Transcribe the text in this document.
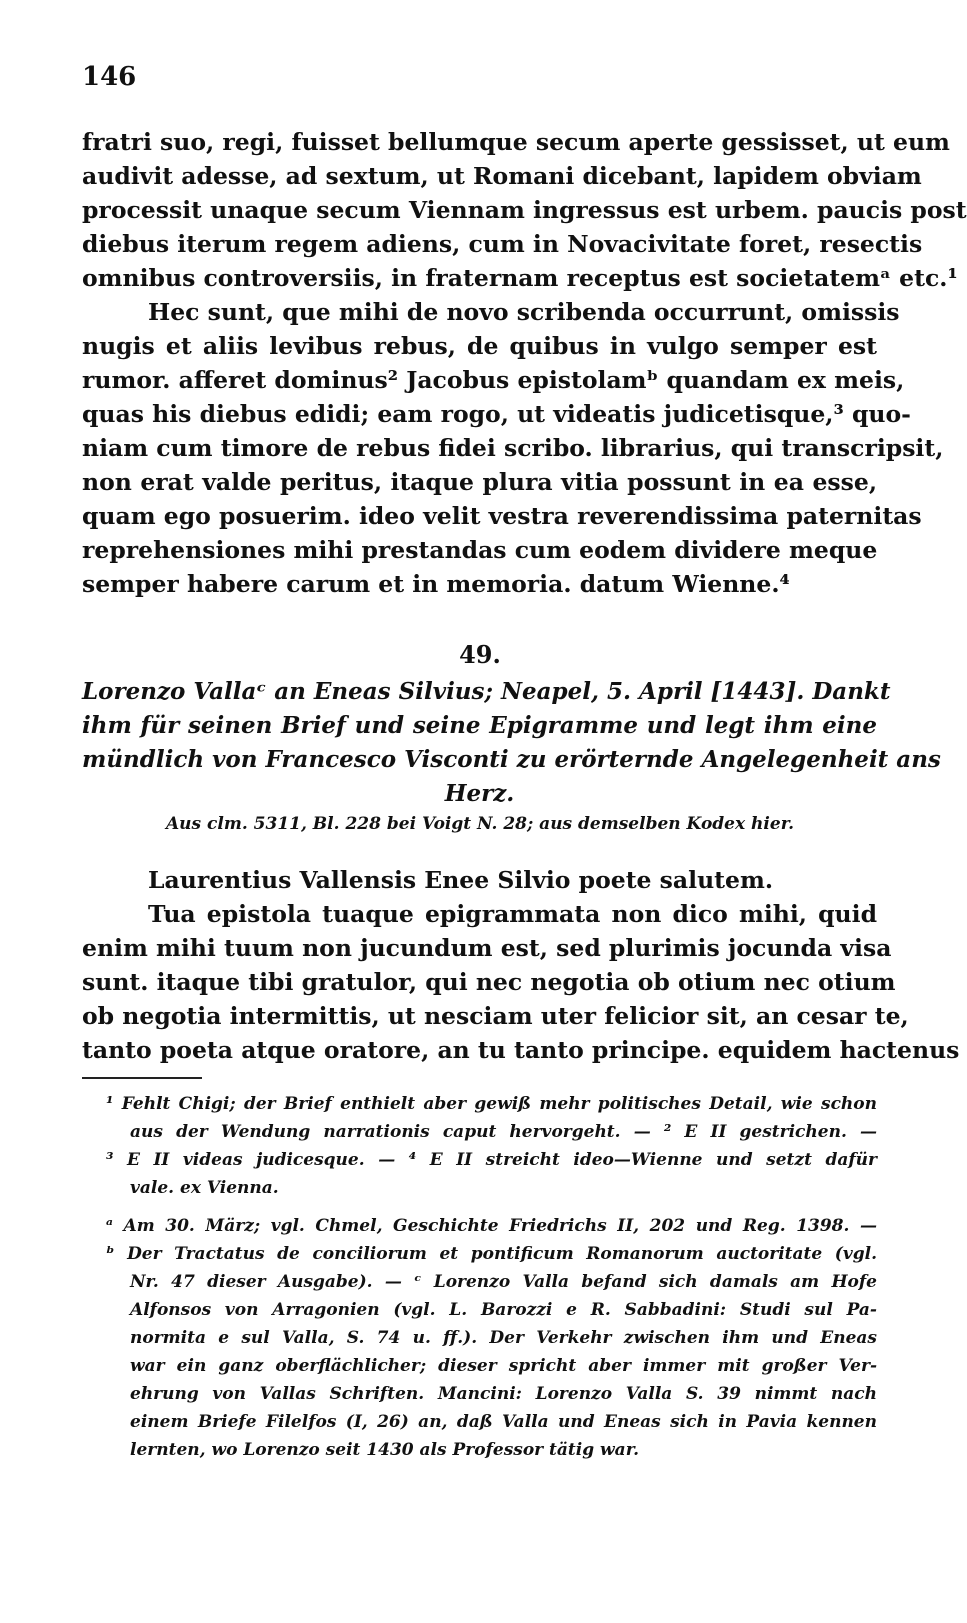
146
fratri suo, regi, fuisset bellumque secum aperte gessisset, ut eum
audivit adesse, ad sextum, ut Romani dicebant, lapidem obviam
processit unaque secum Viennam ingressus est urbem. paucis post
diebus iterum regem adiens, cum in Novacivitate foret, resectis
omnibus controversiis, in fraternam receptus est societatemᵃ etc.¹
Hec sunt, que mihi de novo scribenda occurrunt, omissis
nugis et aliis levibus rebus, de quibus in vulgo semper est
rumor. afferet dominus² Jacobus epistolamᵇ quandam ex meis,
quas his diebus edidi; eam rogo, ut videatis judicetisque,³ quo-
niam cum timore de rebus fidei scribo. librarius, qui transcripsit,
non erat valde peritus, itaque plura vitia possunt in ea esse,
quam ego posuerim. ideo velit vestra reverendissima paternitas
reprehensiones mihi prestandas cum eodem dividere meque
semper habere carum et in memoria. datum Wienne.⁴
49.
Lorenzo Vallaᶜ an Eneas Silvius; Neapel, 5. April [1443]. Dankt
ihm für seinen Brief und seine Epigramme und legt ihm eine
mündlich von Francesco Visconti zu erörternde Angelegenheit ans
Herz.
Aus clm. 5311, Bl. 228 bei Voigt N. 28; aus demselben Kodex hier.
Laurentius Vallensis Enee Silvio poete salutem.
Tua epistola tuaque epigrammata non dico mihi, quid
enim mihi tuum non jucundum est, sed plurimis jocunda visa
sunt. itaque tibi gratulor, qui nec negotia ob otium nec otium
ob negotia intermittis, ut nesciam uter felicior sit, an cesar te,
tanto poeta atque oratore, an tu tanto principe. equidem hactenus
¹ Fehlt Chigi; der Brief enthielt aber gewiß mehr politisches Detail, wie schon
aus der Wendung narrationis caput hervorgeht. — ² E II gestrichen. —
³ E II videas judicesque. — ⁴ E II streicht ideo—Wienne und setzt dafür
vale. ex Vienna.
ᵃ Am 30. März; vgl. Chmel, Geschichte Friedrichs II, 202 und Reg. 1398. —
ᵇ Der Tractatus de conciliorum et pontificum Romanorum auctoritate (vgl.
Nr. 47 dieser Ausgabe). — ᶜ Lorenzo Valla befand sich damals am Hofe
Alfonsos von Arragonien (vgl. L. Barozzi e R. Sabbadini: Studi sul Pa-
normita e sul Valla, S. 74 u. ff.). Der Verkehr zwischen ihm und Eneas
war ein ganz oberflächlicher; dieser spricht aber immer mit großer Ver-
ehrung von Vallas Schriften. Mancini: Lorenzo Valla S. 39 nimmt nach
einem Briefe Filelfos (I, 26) an, daß Valla und Eneas sich in Pavia kennen
lernten, wo Lorenzo seit 1430 als Professor tätig war.
